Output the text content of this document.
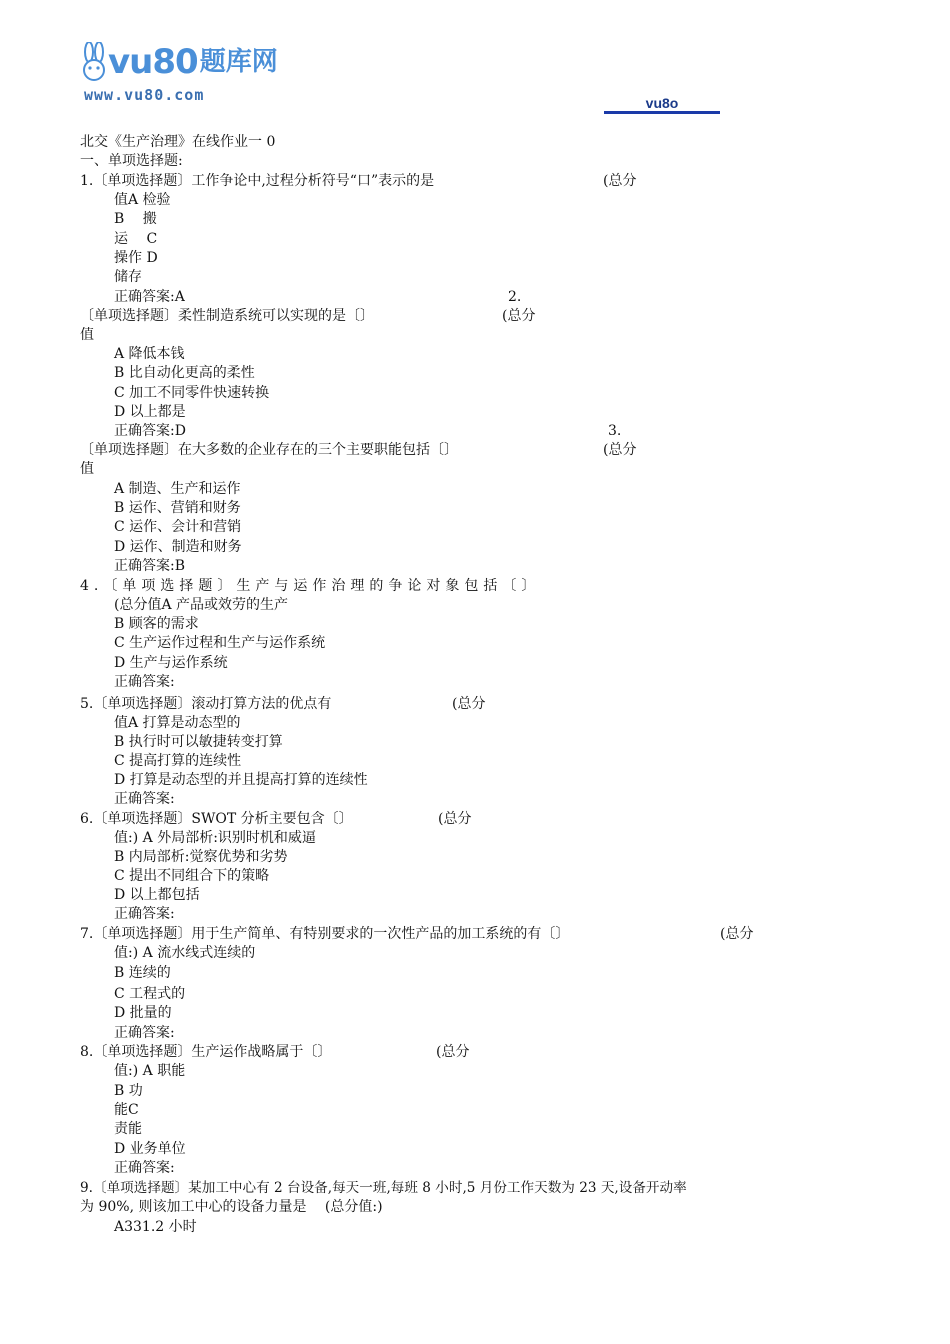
vu80 题库网
www.vu80.com	vu8o
北交《生产治理》在线作业一 0
一、单项选择题:
1.〔单项选择题〕工作争论中,过程分析符号“口”表示的是	(总分
值A 检验
B　 搬
运　 C
操作 D
储存
正确答案:A	2.
〔单项选择题〕柔性制造系统可以实现的是〔〕	(总分
值
A 降低本钱
B 比自动化更高的柔性
C 加工不同零件快速转换
D 以上都是
正确答案:D	3.
〔单项选择题〕在大多数的企业存在的三个主要职能包括〔〕	(总分
值
A 制造、生产和运作
B 运作、营销和财务
C 运作、会计和营销
D 运作、制造和财务
正确答案:B
4.〔单项选择题〕生产与运作治理的争论对象包括〔〕
(总分值A 产品或效劳的生产
B 顾客的需求
C 生产运作过程和生产与运作系统
D 生产与运作系统
正确答案:
5.〔单项选择题〕滚动打算方法的优点有	(总分
值A 打算是动态型的
B 执行时可以敏捷转变打算
C 提高打算的连续性
D 打算是动态型的并且提高打算的连续性
正确答案:
6.〔单项选择题〕SWOT 分析主要包含〔〕	(总分
值:) A 外局部析:识别时机和威逼
B 内局部析:觉察优势和劣势
C 提出不同组合下的策略
D 以上都包括
正确答案:
7.〔单项选择题〕用于生产简单、有特别要求的一次性产品的加工系统的有〔〕	(总分
值:) A 流水线式连续的
B 连续的
C 工程式的
D 批量的
正确答案:
8.〔单项选择题〕生产运作战略属于〔〕	(总分
值:) A 职能
B 功
能C
责能
D 业务单位
正确答案:
9.〔单项选择题〕某加工中心有 2 台设备,每天一班,每班 8 小时,5 月份工作天数为 23 天,设备开动率
为 90%, 则该加工中心的设备力量是　 (总分值:)
A331.2 小时
